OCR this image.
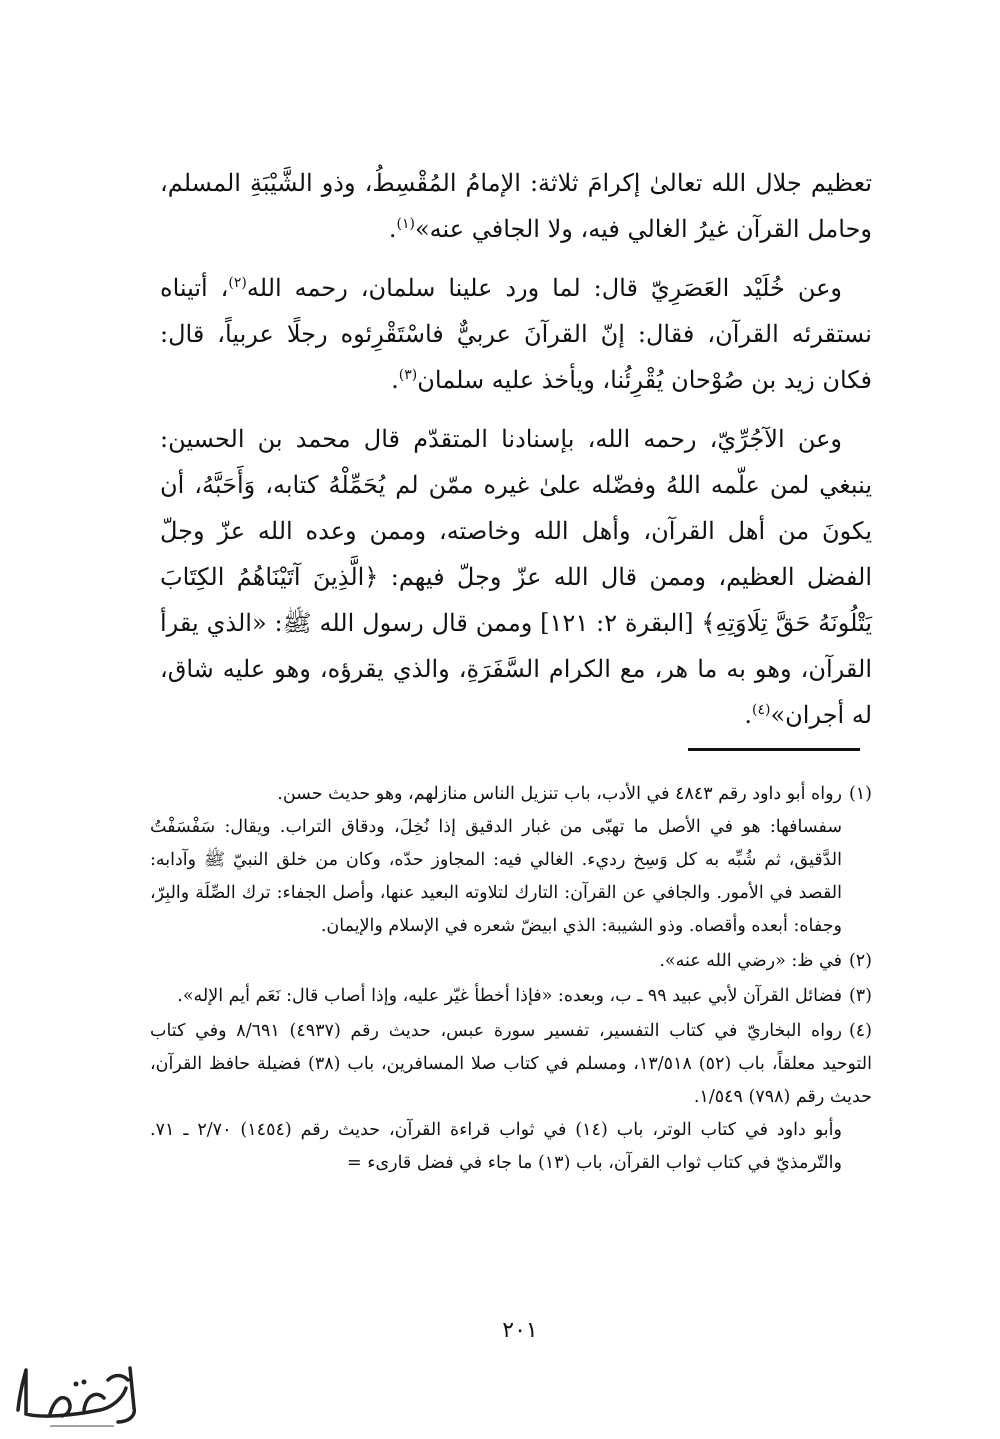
تعظيم جلال الله تعالىٰ إكرامَ ثلاثة: الإمامُ المُقْسِطُ، وذو الشَّيْبَةِ المسلم، وحامل القرآن غيرُ الغالي فيه، ولا الجافي عنه»$^{(١)}$.

وعن خُلَيْد العَصَرِيّ قال: لما ورد علينا سلمان، رحمه الله$^{(٢)}$، أتيناه نستقرئه القرآن، فقال: إنّ القرآنَ عربيٌّ فاسْتَقْرِئوه رجلًا عربياً، قال: فكان زيد بن صُوْحان يُقْرِئُنا، ويأخذ عليه سلمان$^{(٣)}$.

وعن الآجُرِّيّ، رحمه الله، بإسنادنا المتقدّم قال محمد بن الحسين: ينبغي لمن علّمه اللهُ وفضّله علىٰ غيره ممّن لم يُحَمِّلْهُ كتابه، وَأَحَبَّهُ، أن يكونَ من أهل القرآن، وأهل الله وخاصته، وممن وعده الله عزّ وجلّ الفضل العظيم، وممن قال الله عزّ وجلّ فيهم: ﴿الَّذِينَ آتَيْنَاهُمُ الكِتَابَ يَتْلُونَهُ حَقَّ تِلَاوَتِهِ﴾ [البقرة ٢: ١٢١] وممن قال رسول الله ﷺ: «الذي يقرأ القرآن، وهو به ما هر، مع الكرام السَّفَرَةِ، والذي يقرؤه، وهو عليه شاق، له أجران»$^{(٤)}$.

(١)رواه أبو داود رقم ٤٨٤٣ في الأدب، باب تنزيل الناس منازلهم، وهو حديث حسن.

سفسافها: هو في الأصل ما تهبّى من غبار الدقيق إذا نُخِلَ، ودقاق التراب. ويقال: سَفْسَفْتُ الدَّقيق، ثم شُبِّه به كل وَسِخ رديء. الغالي فيه: المجاوز حدّه، وكان من خلق النبيّ ﷺ وآدابه: القصد في الأمور. والجافي عن القرآن: التارك لتلاوته البعيد عنها، وأصل الجفاء: ترك الصِّلَة والبِرّ، وجفاه: أبعده وأقصاه. وذو الشيبة: الذي ابيضّ شعره في الإسلام والإيمان.

(٢)في ظ: «رضي الله عنه».
(٣)فضائل القرآن لأبي عبيد ٩٩ ـ ب، وبعده: «فإذا أخطأ غيّر عليه، وإذا أصاب قال: نَعَم أيم الإله».
(٤)رواه البخاريّ في كتاب التفسير، تفسير سورة عبس، حديث رقم (٤٩٣٧) ٨/٦٩١ وفي كتاب التوحيد معلقاً، باب (٥٢) ١٣/٥١٨، ومسلم في كتاب صلا المسافرين، باب (٣٨) فضيلة حافظ القرآن، حديث رقم (٧٩٨) ١/٥٤٩.

وأبو داود في كتاب الوتر، باب (١٤) في ثواب قراءة القرآن، حديث رقم (١٤٥٤) ٢/٧٠ ـ ٧١. والتّرمذيّ في كتاب ثواب القرآن، باب (١٣) ما جاء في فضل قارىء =

٢٠١
